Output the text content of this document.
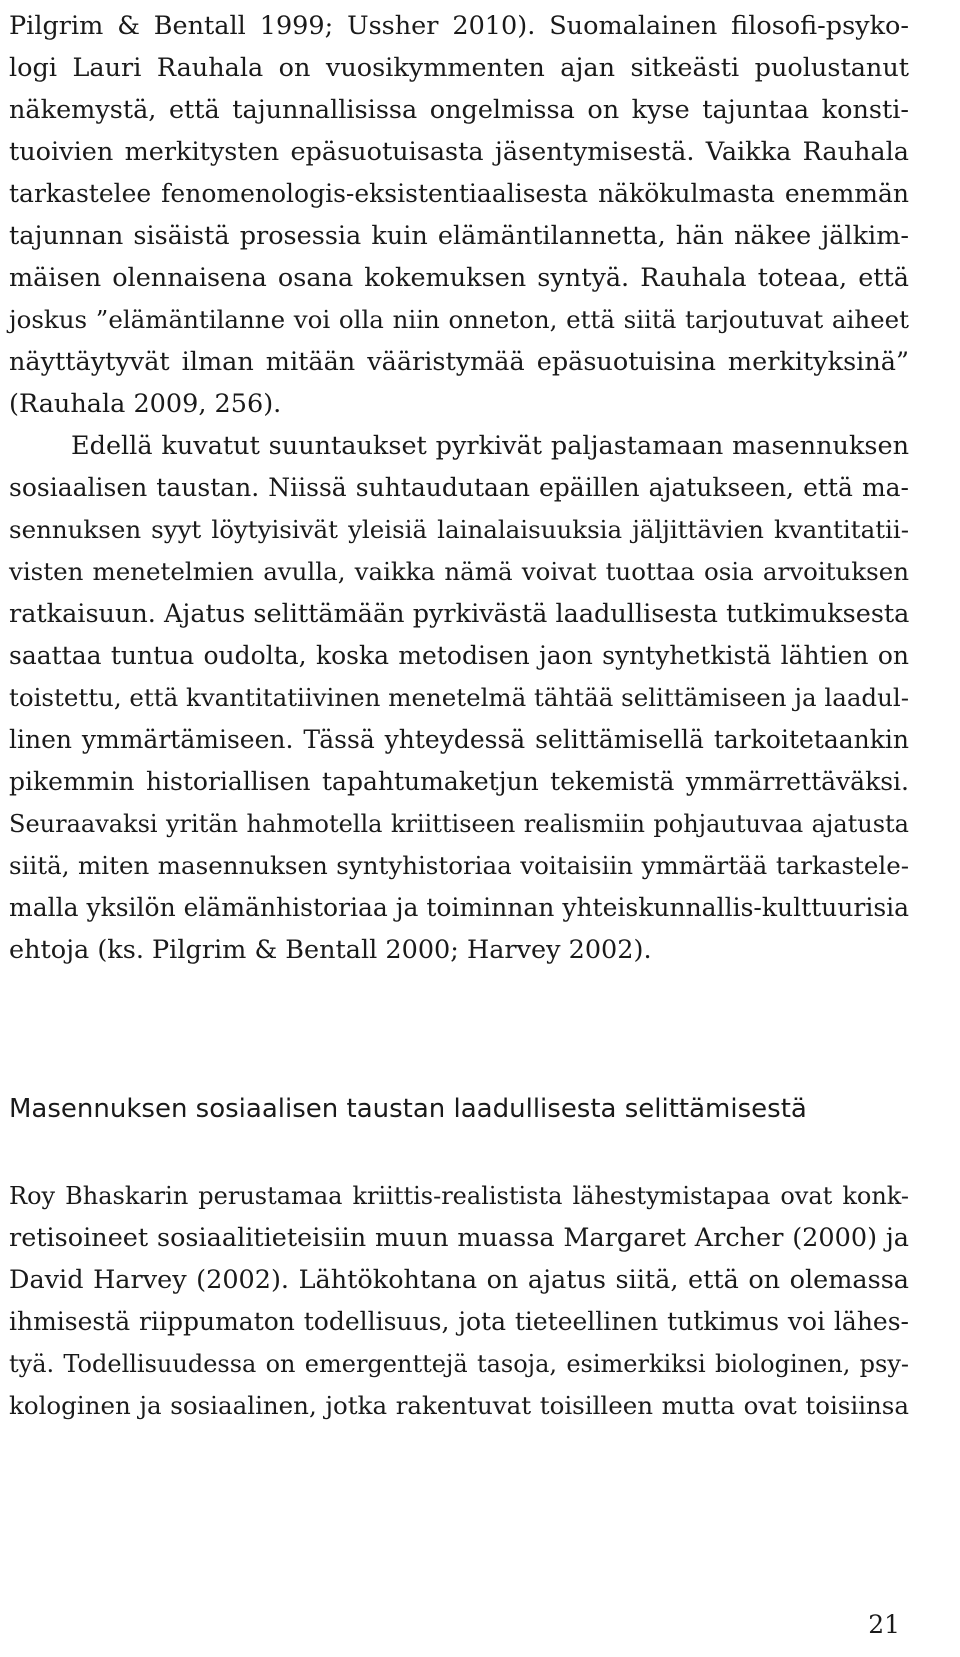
Pilgrim & Bentall 1999; Ussher 2010). Suomalainen filosofi-psyko-
logi Lauri Rauhala on vuosikymmenten ajan sitkeästi puolustanut
näkemystä, että tajunnallisissa ongelmissa on kyse tajuntaa konsti-
tuoivien merkitysten epäsuotuisasta jäsentymisestä. Vaikka Rauhala
tarkastelee fenomenologis-eksistentiaalisesta näkökulmasta enemmän
tajunnan sisäistä prosessia kuin elämäntilannetta, hän näkee jälkim-
mäisen olennaisena osana kokemuksen syntyä. Rauhala toteaa, että
joskus ”elämäntilanne voi olla niin onneton, että siitä tarjoutuvat aiheet
näyttäytyvät ilman mitään vääristymää epäsuotuisina merkityksinä”
(Rauhala 2009, 256).
Edellä kuvatut suuntaukset pyrkivät paljastamaan masennuksen
sosiaalisen taustan. Niissä suhtaudutaan epäillen ajatukseen, että ma-
sennuksen syyt löytyisivät yleisiä lainalaisuuksia jäljittävien kvantitatii-
visten menetelmien avulla, vaikka nämä voivat tuottaa osia arvoituksen
ratkaisuun. Ajatus selittämään pyrkivästä laadullisesta tutkimuksesta
saattaa tuntua oudolta, koska metodisen jaon syntyhetkistä lähtien on
toistettu, että kvantitatiivinen menetelmä tähtää selittämiseen ja laadul-
linen ymmärtämiseen. Tässä yhteydessä selittämisellä tarkoitetaankin
pikemmin historiallisen tapahtumaketjun tekemistä ymmärrettäväksi.
Seuraavaksi yritän hahmotella kriittiseen realismiin pohjautuvaa ajatusta
siitä, miten masennuksen syntyhistoriaa voitaisiin ymmärtää tarkastele-
malla yksilön elämänhistoriaa ja toiminnan yhteiskunnallis-kulttuurisia
ehtoja (ks. Pilgrim & Bentall 2000; Harvey 2002).
Masennuksen sosiaalisen taustan laadullisesta selittämisestä
Roy Bhaskarin perustamaa kriittis-realistista lähestymistapaa ovat konk-
retisoineet sosiaalitieteisiin muun muassa Margaret Archer (2000) ja
David Harvey (2002). Lähtökohtana on ajatus siitä, että on olemassa
ihmisestä riippumaton todellisuus, jota tieteellinen tutkimus voi lähes-
tyä. Todellisuudessa on emergenttejä tasoja, esimerkiksi biologinen, psy-
kologinen ja sosiaalinen, jotka rakentuvat toisilleen mutta ovat toisiinsa
21
